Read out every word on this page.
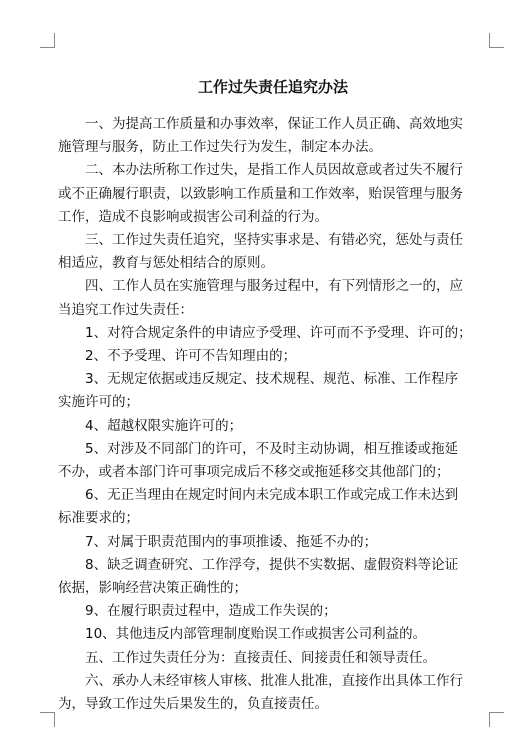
工作过失责任追究办法

一、为提高工作质量和办事效率，保证工作人员正确、高效地实

施管理与服务，防止工作过失行为发生，制定本办法。

二、本办法所称工作过失，是指工作人员因故意或者过失不履行

或不正确履行职责，以致影响工作质量和工作效率，贻误管理与服务

工作，造成不良影响或损害公司利益的行为。

三、工作过失责任追究，坚持实事求是、有错必究，惩处与责任

相适应，教育与惩处相结合的原则。

四、工作人员在实施管理与服务过程中，有下列情形之一的，应

当追究工作过失责任：

1、对符合规定条件的申请应予受理、许可而不予受理、许可的；

2、不予受理、许可不告知理由的；

3、无规定依据或违反规定、技术规程、规范、标准、工作程序

实施许可的；

4、超越权限实施许可的；

5、对涉及不同部门的许可，不及时主动协调，相互推诿或拖延

不办，或者本部门许可事项完成后不移交或拖延移交其他部门的；

6、无正当理由在规定时间内未完成本职工作或完成工作未达到

标准要求的；

7、对属于职责范围内的事项推诿、拖延不办的；

8、缺乏调查研究、工作浮夸，提供不实数据、虚假资料等论证

依据，影响经营决策正确性的；

9、在履行职责过程中，造成工作失误的；

10、其他违反内部管理制度贻误工作或损害公司利益的。

五、工作过失责任分为：直接责任、间接责任和领导责任。

六、承办人未经审核人审核、批准人批准，直接作出具体工作行

为，导致工作过失后果发生的，负直接责任。
